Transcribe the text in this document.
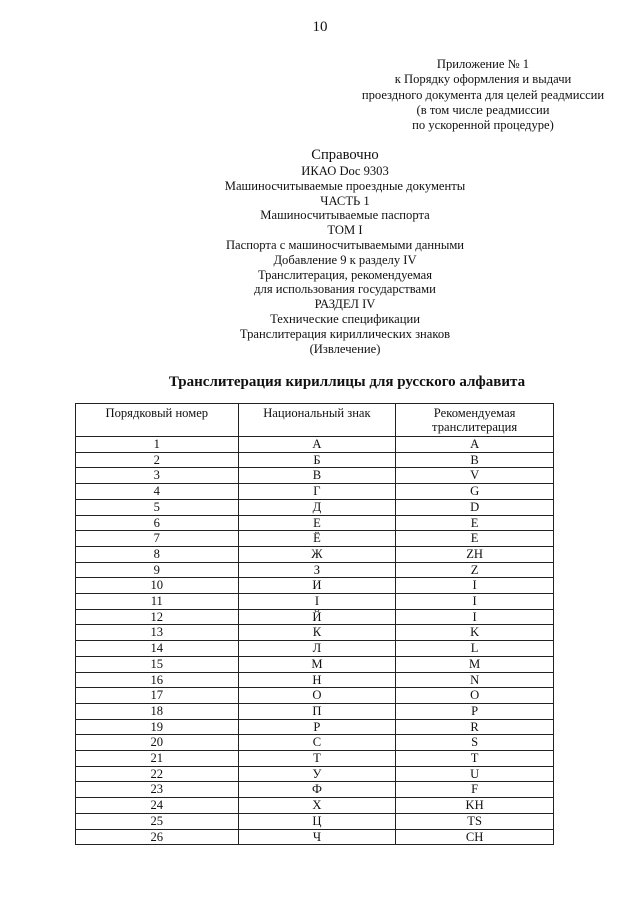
10
Приложение № 1
к Порядку оформления и выдачи
проездного документа для целей реадмиссии
(в том числе реадмиссии
по ускоренной процедуре)
Справочно
ИКАО Doc 9303
Машиносчитываемые проездные документы
ЧАСТЬ 1
Машиносчитываемые паспорта
ТОМ I
Паспорта с машиносчитываемыми данными
Добавление 9 к разделу IV
Транслитерация, рекомендуемая
для использования государствами
РАЗДЕЛ IV
Технические спецификации
Транслитерация кириллических знаков
(Извлечение)
Транслитерация кириллицы для русского алфавита
Порядковый номер	Национальный знак	Рекомендуемая транслитерация
1	А	A
2	Б	B
3	В	V
4	Г	G
5	Д	D
6	Е	E
7	Ё	E
8	Ж	ZH
9	З	Z
10	И	I
11	I	I
12	Й	I
13	К	K
14	Л	L
15	М	M
16	Н	N
17	О	O
18	П	P
19	Р	R
20	С	S
21	Т	T
22	У	U
23	Ф	F
24	Х	KH
25	Ц	TS
26	Ч	CH
